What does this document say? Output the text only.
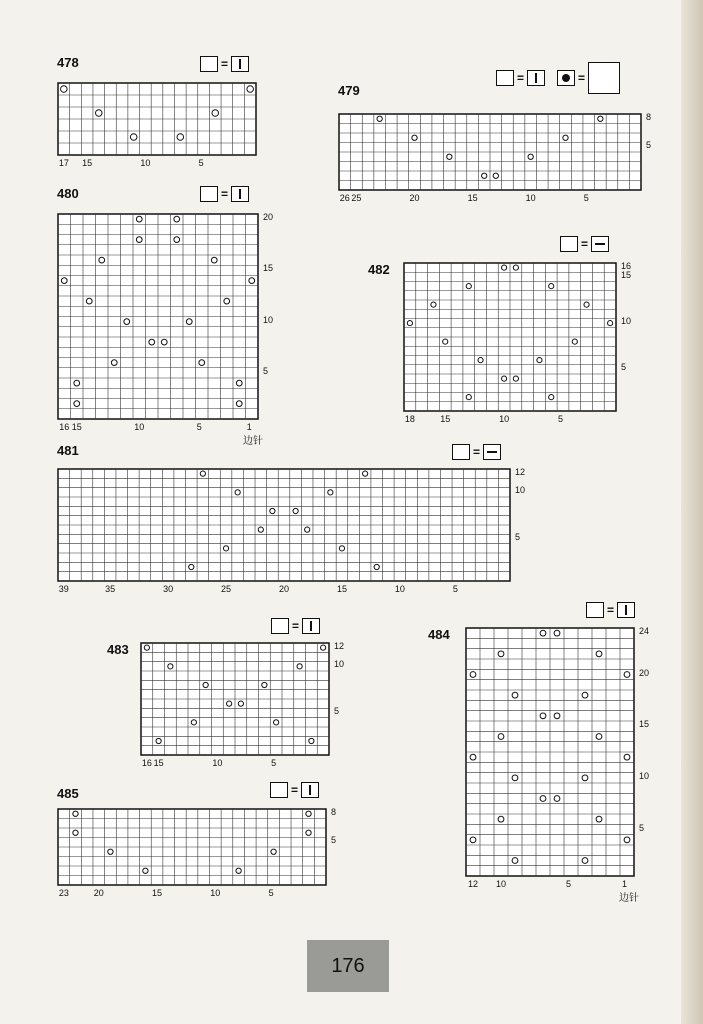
478	=
17 15	10	5
479
=	=
26 25	20	15	10	5
8
5
480	=
16 15	10	5	1
20
15
10
5
边针
482
=
18	15	10	5
16
15
10
5
481	=
39	35	30	25	20	15	10	5
12
10
5
483
=
16 15	10	5
12
10
5
484
=
12 10	5	1
24
20
15
10
5
边针
485	=
23	20	15	10	5
8
5
176
